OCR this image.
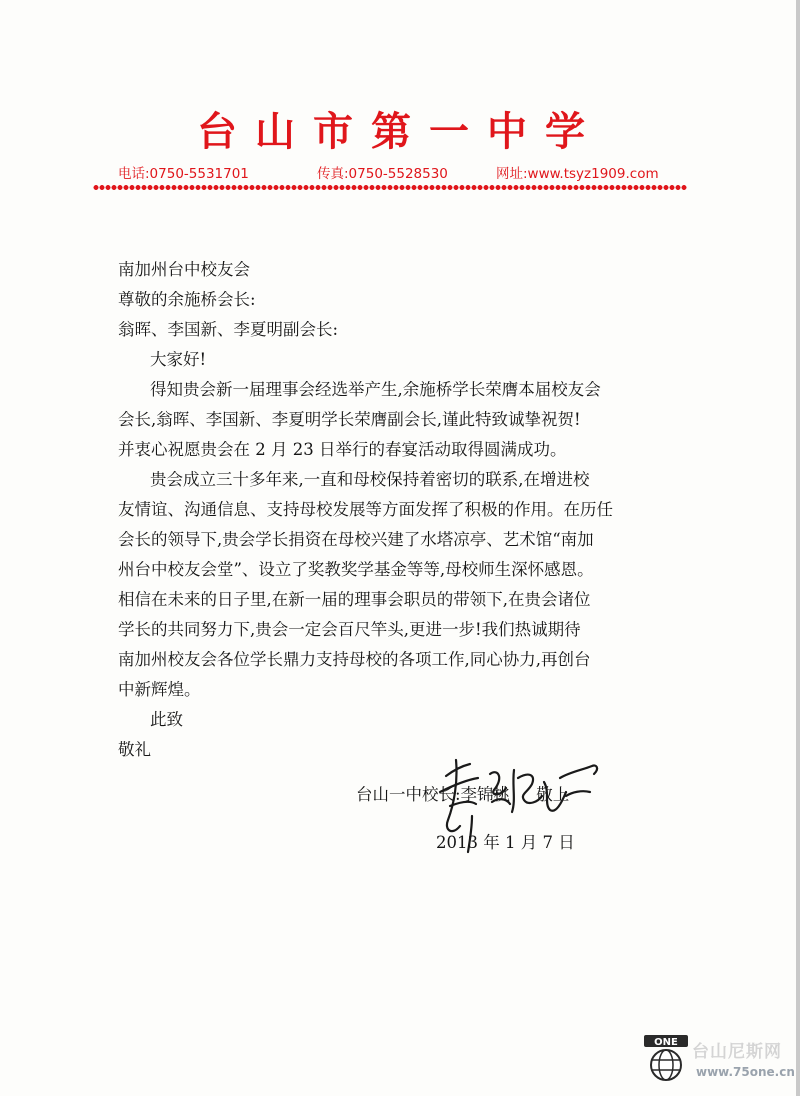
台山市第一中学
电话:0750-5531701	传真:0750-5528530	网址:www.tsyz1909.com
南加州台中校友会
尊敬的余施桥会长:
翁晖、李国新、李夏明副会长:
大家好!
得知贵会新一届理事会经选举产生,余施桥学长荣膺本届校友会
会长,翁晖、李国新、李夏明学长荣膺副会长,谨此特致诚挚祝贺!
并衷心祝愿贵会在 2 月 23 日举行的春宴活动取得圆满成功。
贵会成立三十多年来,一直和母校保持着密切的联系,在增进校
友情谊、沟通信息、支持母校发展等方面发挥了积极的作用。在历任
会长的领导下,贵会学长捐资在母校兴建了水塔凉亭、艺术馆“南加
州台中校友会堂”、设立了奖教奖学基金等等,母校师生深怀感恩。
相信在未来的日子里,在新一届的理事会职员的带领下,在贵会诸位
学长的共同努力下,贵会一定会百尺竿头,更进一步!我们热诚期待
南加州校友会各位学长鼎力支持母校的各项工作,同心协力,再创台
中新辉煌。
此致
敬礼
台山一中校长:李锦桃     敬上
2013 年 1 月 7 日
ONE 台山尼斯网
www.75one.cn
